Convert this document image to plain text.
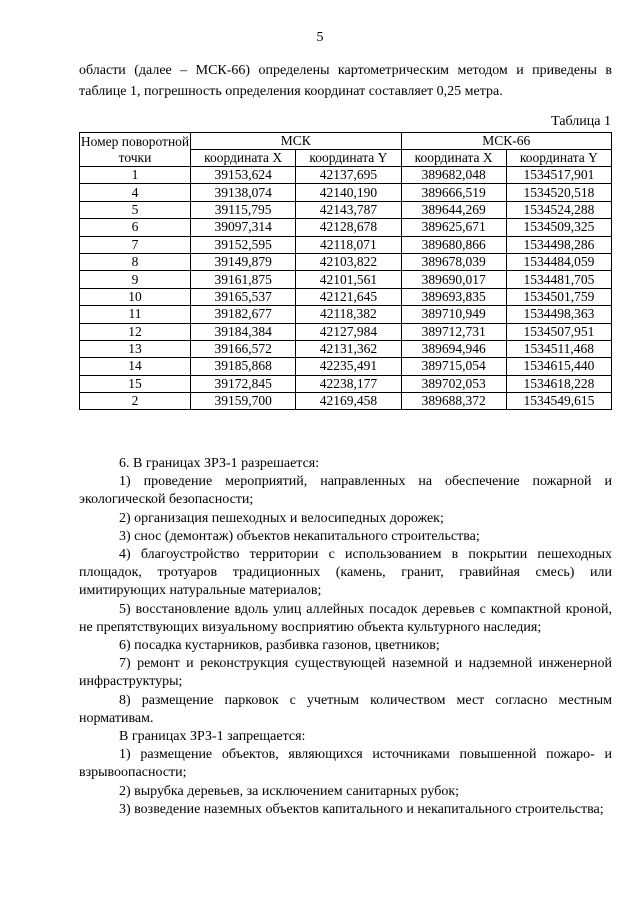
5
области (далее – МСК-66) определены картометрическим методом и приведены в таблице 1, погрешность определения координат составляет 0,25 метра.
Таблица 1
Номер поворотной точки	МСК		МСК-66	
	координата X	координата Y	координата X	координата Y
1	39153,624	42137,695	389682,048	1534517,901
4	39138,074	42140,190	389666,519	1534520,518
5	39115,795	42143,787	389644,269	1534524,288
6	39097,314	42128,678	389625,671	1534509,325
7	39152,595	42118,071	389680,866	1534498,286
8	39149,879	42103,822	389678,039	1534484,059
9	39161,875	42101,561	389690,017	1534481,705
10	39165,537	42121,645	389693,835	1534501,759
11	39182,677	42118,382	389710,949	1534498,363
12	39184,384	42127,984	389712,731	1534507,951
13	39166,572	42131,362	389694,946	1534511,468
14	39185,868	42235,491	389715,054	1534615,440
15	39172,845	42238,177	389702,053	1534618,228
2	39159,700	42169,458	389688,372	1534549,615

6. В границах ЗРЗ-1 разрешается:

1) проведение мероприятий, направленных на обеспечение пожарной и экологической безопасности;

2) организация пешеходных и велосипедных дорожек;

3) снос (демонтаж) объектов некапитального строительства;

4) благоустройство территории с использованием в покрытии пешеходных площадок, тротуаров традиционных (камень, гранит, гравийная смесь) или имитирующих натуральные материалов;

5) восстановление вдоль улиц аллейных посадок деревьев с компактной кроной, не препятствующих визуальному восприятию объекта культурного наследия;

6) посадка кустарников, разбивка газонов, цветников;

7) ремонт и реконструкция существующей наземной и надземной инженерной инфраструктуры;

8) размещение парковок с учетным количеством мест согласно местным нормативам.

В границах ЗРЗ-1 запрещается:

1) размещение объектов, являющихся источниками повышенной пожаро- и взрывоопасности;

2) вырубка деревьев, за исключением санитарных рубок;

3) возведение наземных объектов капитального и некапитального строительства;
